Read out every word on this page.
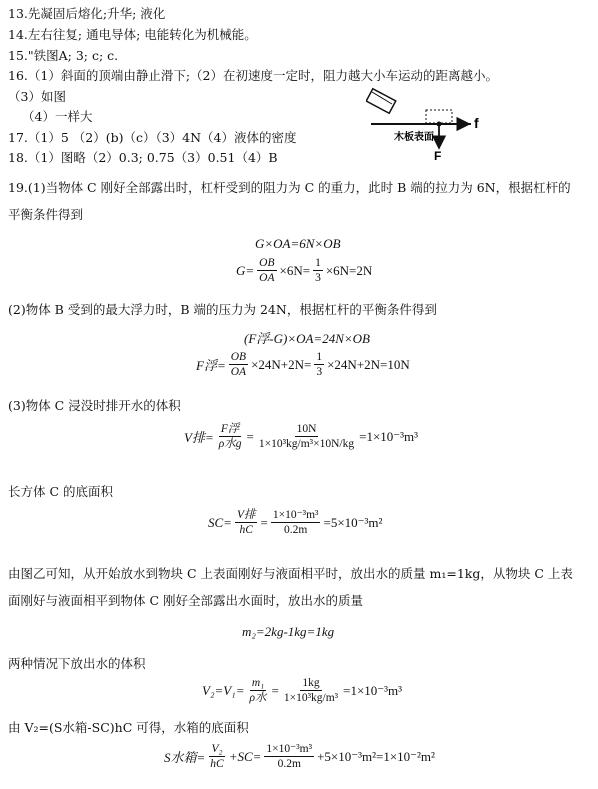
13.先凝固后熔化;升华; 液化
14.左右往复; 通电导体; 电能转化为机械能。
15."铁图A; 3; c; c.
16.（1）斜面的顶端由静止滑下;（2）在初速度一定时，阻力越大小车运动的距离越小。
（3）如图
（4）一样大
17.（1）5 （2）(b)（c）（3）4N（4）液体的密度
18.（1）图略（2）0.3; 0.75（3）0.51（4）B
f
F
木板表面
19.(1)当物体 C 刚好全部露出时，杠杆受到的阻力为 C 的重力，此时 B 端的拉力为 6N，根据杠杆的平衡条件得到
G×OA=6N×OB
$G= \frac{OB}{OA} \times 6N= \frac{1}{3} \times 6N=2N$
(2)物体 B 受到的最大浮力时，B 端的压力为 24N，根据杠杆的平衡条件得到
(F浮-G)×OA=24N×OB
F浮= $\frac{OB}{OA} \times 24N+2N= \frac{1}{3} \times 24N+2N=10N$
(3)物体 C 浸没时排开水的体积
V排= $\frac{\text{F浮}}{\text{ρ水g}} = \frac{10N}{\text{1×10³kg/m³×10N/kg}} =1\times 10^{-3}m^3$
长方体 C 的底面积
$SC= \frac{\text{V排}}{hC} = \frac{\text{1×10⁻³m³}}{0.2m} =5\times 10^{-3}m^2$
由图乙可知，从开始放水到物块 C 上表面刚好与液面相平时，放出水的质量 m₁=1kg，从物块 C 上表面刚好与液面相平到物体 C 刚好全部露出水面时，放出水的质量
m₂=2kg-1kg=1kg
两种情况下放出水的体积
$V_2=V_1= \frac{\text{m₁}}{\text{ρ水}} = \frac{1kg}{\text{1×10³kg/m³}} =1\times 10^{-3}m^3$
由 V₂=(S水箱-SC)hC 可得，水箱的底面积
S水箱= $\frac{\text{V₂}}{hC} +SC= \frac{\text{1×10⁻³m³}}{0.2m} +5\times 10^{-3}m^2=1\times 10^{-2}m^2$
